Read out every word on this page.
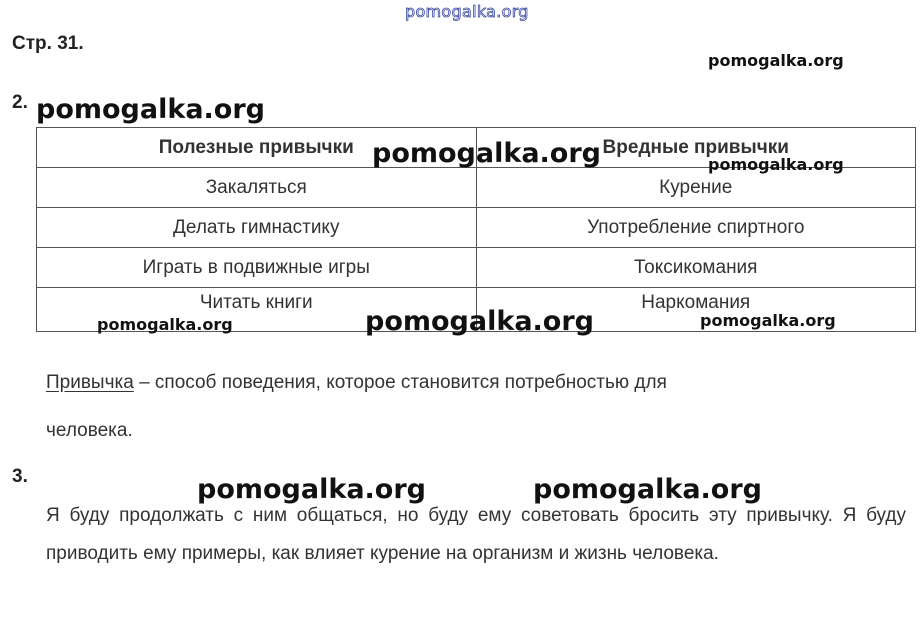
pomogalka.org
Стр. 31.
pomogalka.org
2. pomogalka.org
Полезные привычки	Вредные привычки
Закаляться	Курение
Делать гимнастику	Употребление спиртного
Играть в подвижные игры	Токсикомания
Читать книги	Наркомания
pomogalka.org	pomogalka.org
pomogalka.org	pomogalka.org	pomogalka.org
Привычка – способ поведения, которое становится потребностью для
человека.
3.	pomogalka.org	pomogalka.org
Я буду продолжать с ним общаться, но буду ему советовать бросить эту привычку. Я буду приводить ему примеры, как влияет курение на организм и жизнь человека.
